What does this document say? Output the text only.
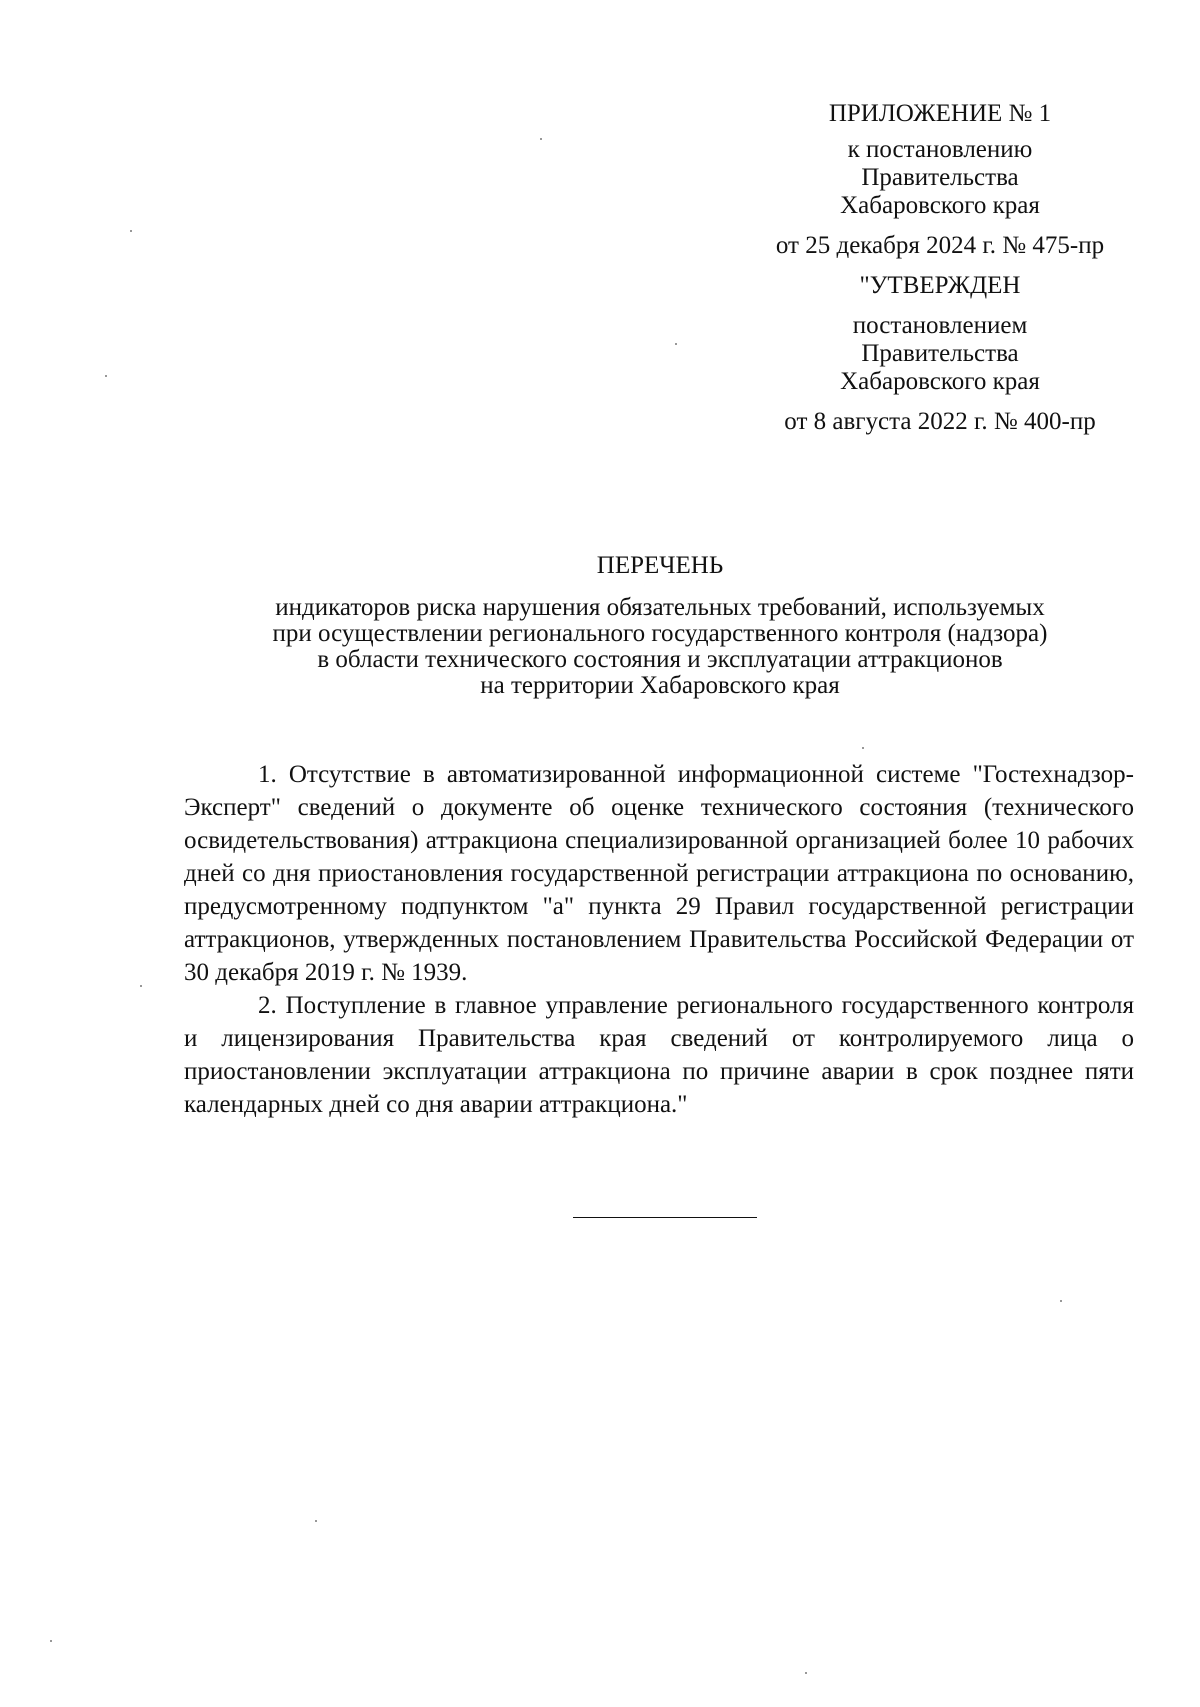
ПРИЛОЖЕНИЕ № 1
к постановлению
Правительства
Хабаровского края
от 25 декабря 2024 г. № 475-пр
"УТВЕРЖДЕН
постановлением
Правительства
Хабаровского края
от 8 августа 2022 г. № 400-пр
ПЕРЕЧЕНЬ
индикаторов риска нарушения обязательных требований, используемых
при осуществлении регионального государственного контроля (надзора)
в области технического состояния и эксплуатации аттракционов
на территории Хабаровского края

1. Отсутствие в автоматизированной информационной системе "Гостехнадзор-Эксперт" сведений о документе об оценке технического состояния (технического освидетельствования) аттракциона специализированной организацией более 10 рабочих дней со дня приостановления государственной регистрации аттракциона по основанию, предусмотренному подпунктом "а" пункта 29 Правил государственной регистрации аттракционов, утвержденных постановлением Правительства Российской Федерации от 30 декабря 2019 г. № 1939.

2. Поступление в главное управление регионального государственного контроля и лицензирования Правительства края сведений от контролируемого лица о приостановлении эксплуатации аттракциона по причине аварии в срок позднее пяти календарных дней со дня аварии аттракциона."
